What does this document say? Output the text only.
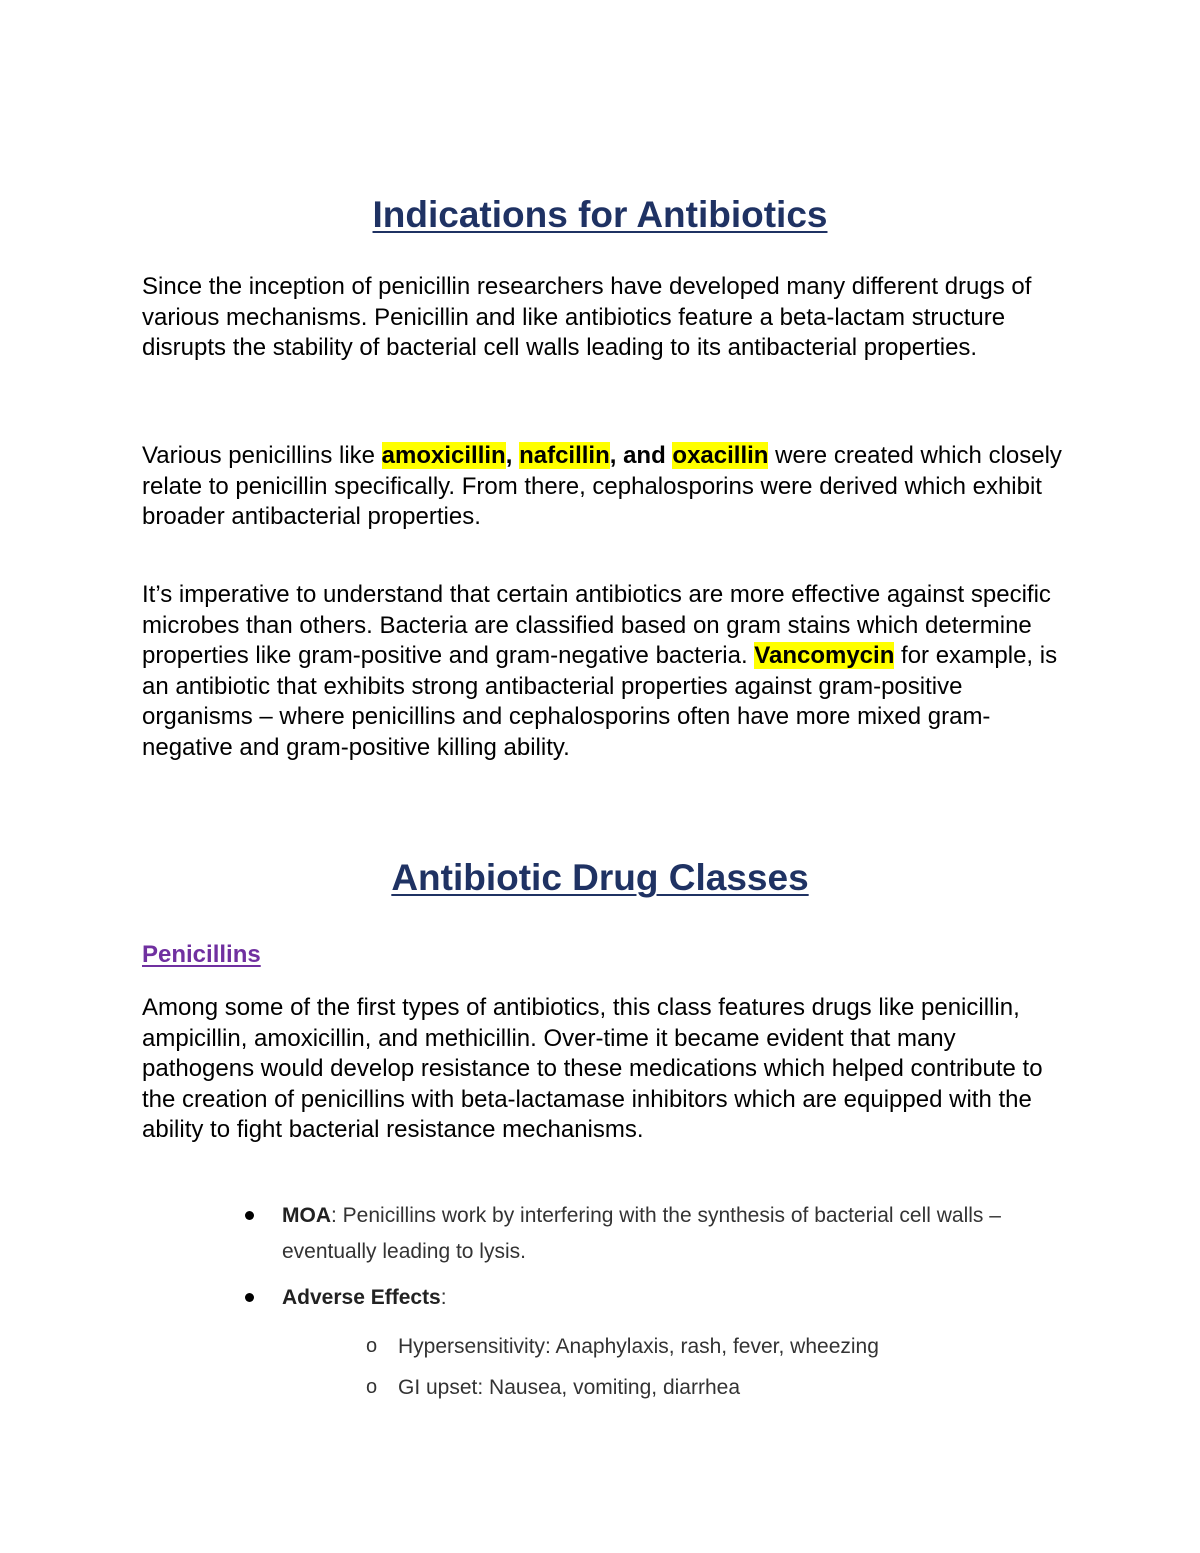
Indications for Antibiotics

Since the inception of penicillin researchers have developed many different drugs of various mechanisms. Penicillin and like antibiotics feature a beta-lactam structure disrupts the stability of bacterial cell walls leading to its antibacterial properties.

Various penicillins like amoxicillin, nafcillin, and oxacillin were created which closely relate to penicillin specifically. From there, cephalosporins were derived which exhibit broader antibacterial properties.

It’s imperative to understand that certain antibiotics are more effective against specific microbes than others. Bacteria are classified based on gram stains which determine properties like gram-positive and gram-negative bacteria. Vancomycin for example, is an antibiotic that exhibits strong antibacterial properties against gram-positive organisms – where penicillins and cephalosporins often have more mixed gram-negative and gram-positive killing ability.

Antibiotic Drug Classes
Penicillins

Among some of the first types of antibiotics, this class features drugs like penicillin, ampicillin, amoxicillin, and methicillin. Over-time it became evident that many pathogens would develop resistance to these medications which helped contribute to the creation of penicillins with beta-lactamase inhibitors which are equipped with the ability to fight bacterial resistance mechanisms.

MOA: Penicillins work by interfering with the synthesis of bacterial cell walls – eventually leading to lysis.
Adverse Effects:
o Hypersensitivity: Anaphylaxis, rash, fever, wheezing
o GI upset: Nausea, vomiting, diarrhea
